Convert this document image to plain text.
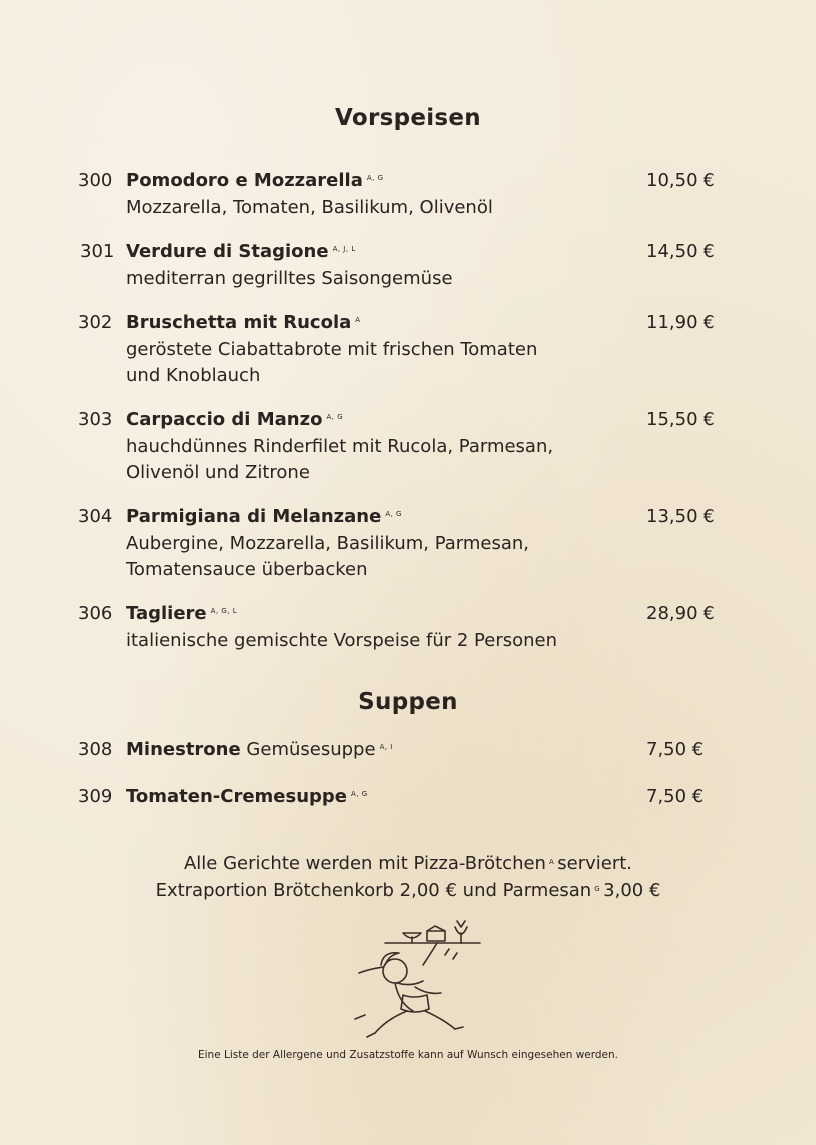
Vorspeisen
300 Pomodoro e Mozzarella $^{A, G}$	10,50 €
Mozzarella, Tomaten, Basilikum, Olivenöl
301 Verdure di Stagione $^{A, J, L}$	14,50 €
mediterran gegrilltes Saisongemüse
302 Bruschetta mit Rucola $^A$	11,90 €
geröstete Ciabattabrote mit frischen Tomaten
und Knoblauch
303 Carpaccio di Manzo $^{A, G}$	15,50 €
hauchdünnes Rinderfilet mit Rucola, Parmesan,
Olivenöl und Zitrone
304 Parmigiana di Melanzane $^{A, G}$	13,50 €
Aubergine, Mozzarella, Basilikum, Parmesan,
Tomatensauce überbacken
306 Tagliere $^{A, G, L}$	28,90 €
italienische gemischte Vorspeise für 2 Personen
Suppen
308 Minestrone Gemüsesuppe $^{A, I}$	7,50 €
309 Tomaten-Cremesuppe $^{A, G}$	7,50 €
Alle Gerichte werden mit Pizza-Brötchen $^A$ serviert.
Extraportion Brötchenkorb 2,00 € und Parmesan $^G$ 3,00 €
Eine Liste der Allergene und Zusatzstoffe kann auf Wunsch eingesehen werden.
